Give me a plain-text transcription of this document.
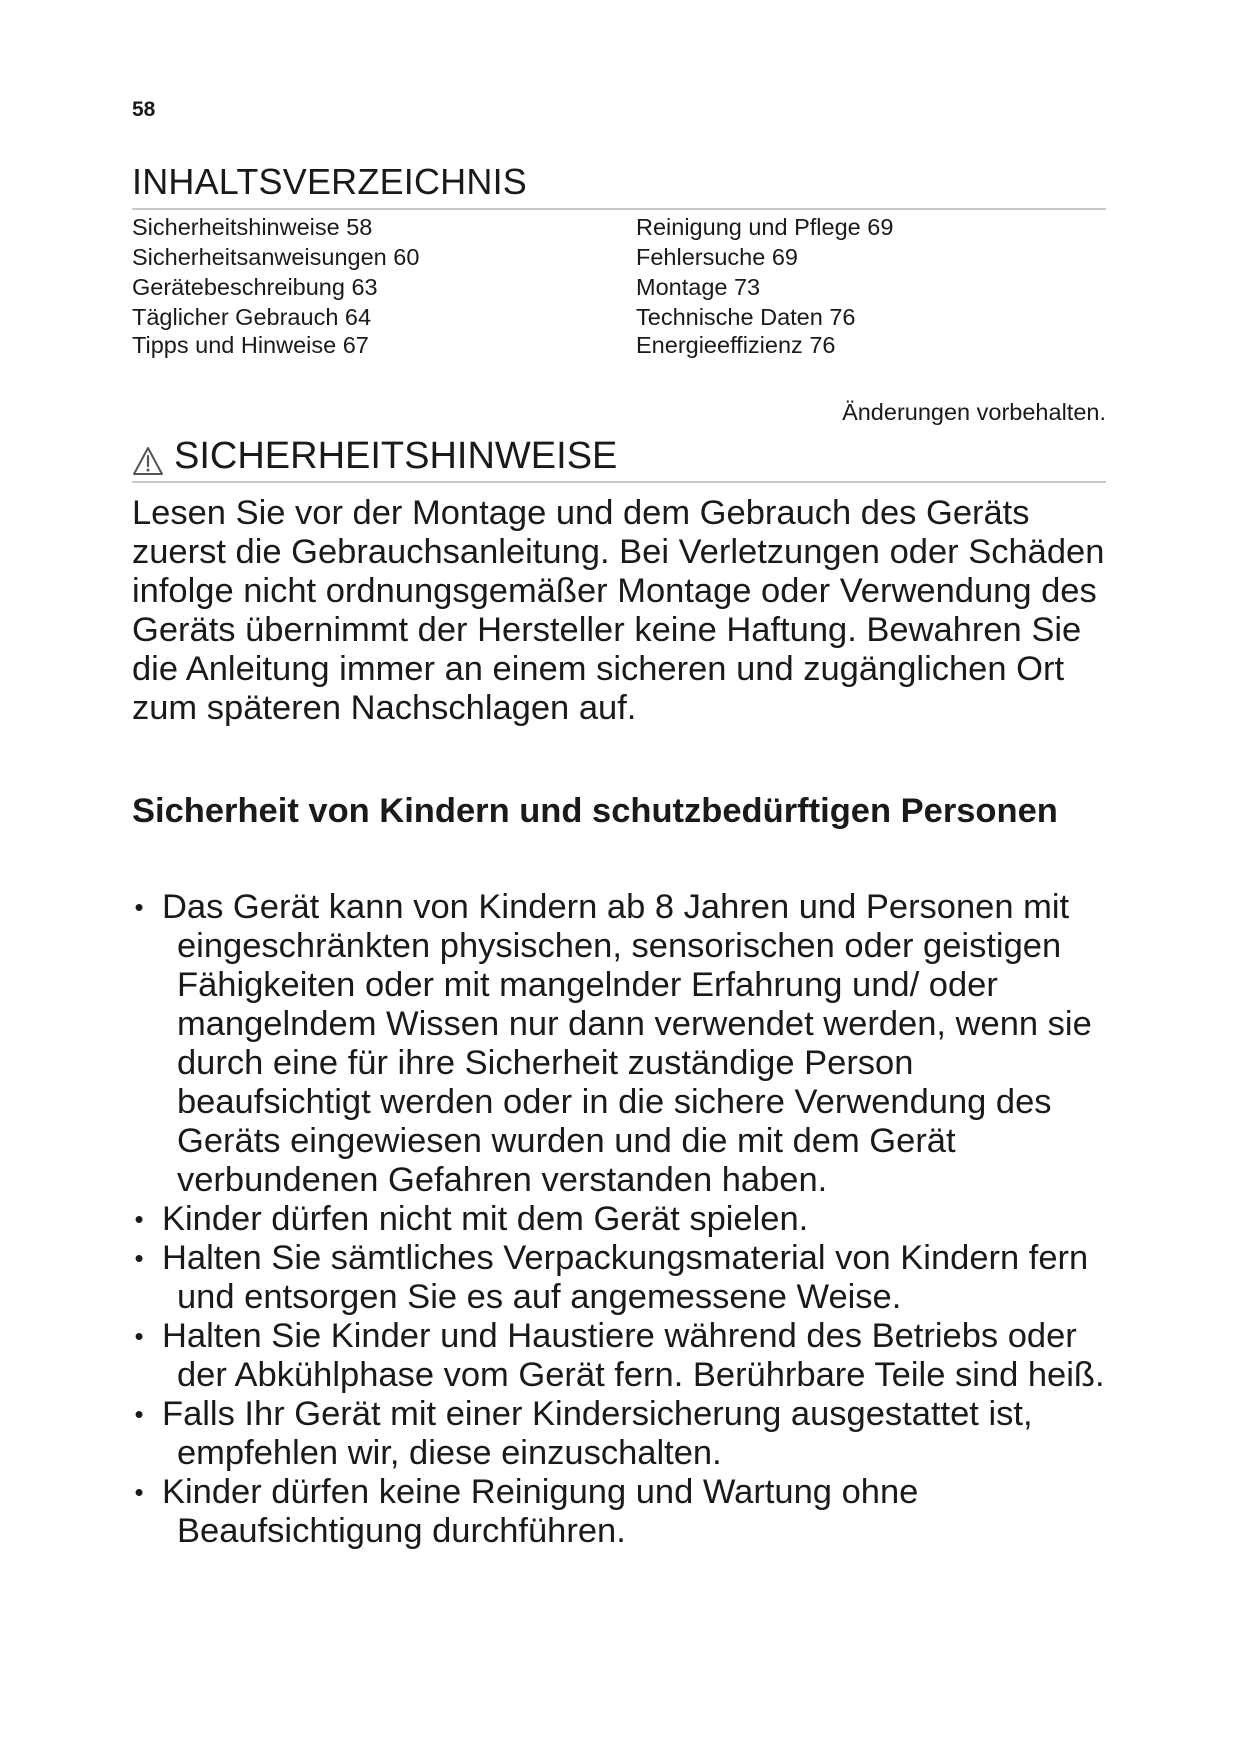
58
INHALTSVERZEICHNIS
Sicherheitshinweise 58
Sicherheitsanweisungen 60
Gerätebeschreibung 63
Täglicher Gebrauch 64
Tipps und Hinweise 67
Reinigung und Pflege 69
Fehlersuche 69
Montage 73
Technische Daten 76
Energieeffizienz 76
Änderungen vorbehalten.
SICHERHEITSHINWEISE

Lesen Sie vor der Montage und dem Gebrauch des Geräts zuerst die Gebrauchsanleitung. Bei Verletzungen oder Schäden infolge nicht ordnungsgemäßer Montage oder Verwendung des Geräts übernimmt der Hersteller keine Haftung. Bewahren Sie die Anleitung immer an einem sicheren und zugänglichen Ort zum späteren Nachschlagen auf.

Sicherheit von Kindern und schutzbedürftigen Personen
• Das Gerät kann von Kindern ab 8 Jahren und Personen mit eingeschränkten physischen, sensorischen oder geistigen Fähigkeiten oder mit mangelnder Erfahrung und/ oder mangelndem Wissen nur dann verwendet werden, wenn sie durch eine für ihre Sicherheit zuständige Person beaufsichtigt werden oder in die sichere Verwendung des Geräts eingewiesen wurden und die mit dem Gerät verbundenen Gefahren verstanden haben.
• Kinder dürfen nicht mit dem Gerät spielen.
• Halten Sie sämtliches Verpackungsmaterial von Kindern fern und entsorgen Sie es auf angemessene Weise.
• Halten Sie Kinder und Haustiere während des Betriebs oder der Abkühlphase vom Gerät fern. Berührbare Teile sind heiß.
• Falls Ihr Gerät mit einer Kindersicherung ausgestattet ist, empfehlen wir, diese einzuschalten.
• Kinder dürfen keine Reinigung und Wartung ohne Beaufsichtigung durchführen.
